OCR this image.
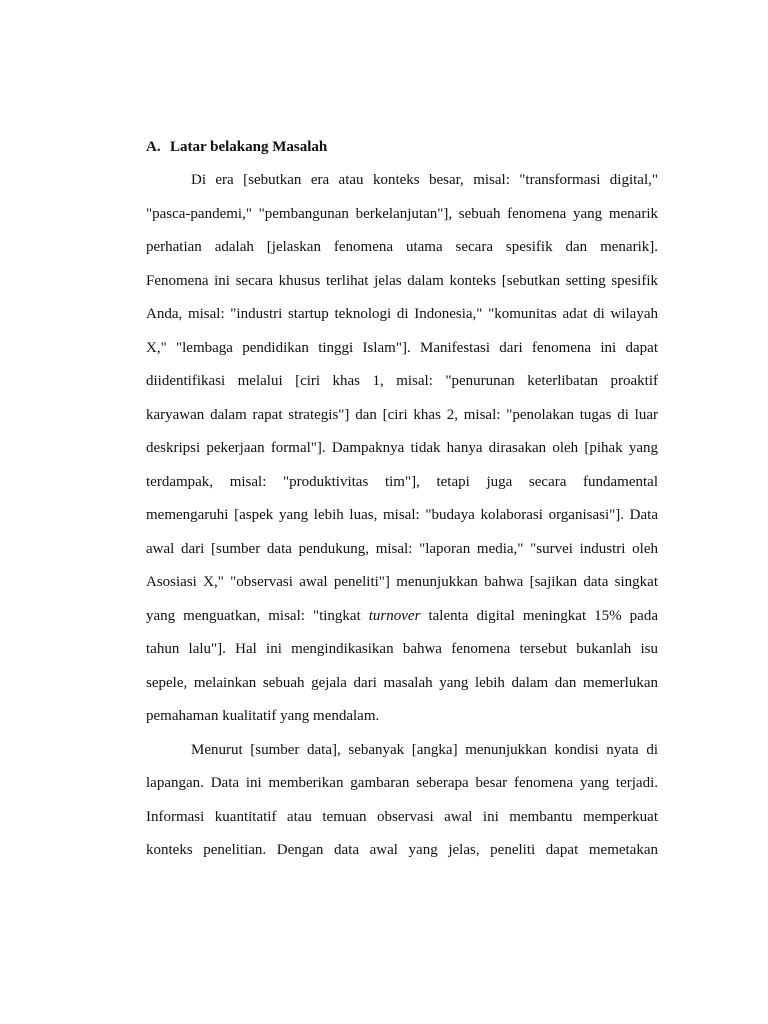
A. Latar belakang Masalah
Di era [sebutkan era atau konteks besar, misal: "transformasi digital,"
"pasca-pandemi," "pembangunan berkelanjutan"], sebuah fenomena yang menarik
perhatian adalah [jelaskan fenomena utama secara spesifik dan menarik].
Fenomena ini secara khusus terlihat jelas dalam konteks [sebutkan setting spesifik
Anda, misal: "industri startup teknologi di Indonesia," "komunitas adat di wilayah
X," "lembaga pendidikan tinggi Islam"]. Manifestasi dari fenomena ini dapat
diidentifikasi melalui [ciri khas 1, misal: "penurunan keterlibatan proaktif
karyawan dalam rapat strategis"] dan [ciri khas 2, misal: "penolakan tugas di luar
deskripsi pekerjaan formal"]. Dampaknya tidak hanya dirasakan oleh [pihak yang
terdampak, misal: "produktivitas tim"], tetapi juga secara fundamental
memengaruhi [aspek yang lebih luas, misal: "budaya kolaborasi organisasi"]. Data
awal dari [sumber data pendukung, misal: "laporan media," "survei industri oleh
Asosiasi X," "observasi awal peneliti"] menunjukkan bahwa [sajikan data singkat
yang menguatkan, misal: "tingkat turnover talenta digital meningkat 15% pada
tahun lalu"]. Hal ini mengindikasikan bahwa fenomena tersebut bukanlah isu
sepele, melainkan sebuah gejala dari masalah yang lebih dalam dan memerlukan
pemahaman kualitatif yang mendalam.
Menurut [sumber data], sebanyak [angka] menunjukkan kondisi nyata di
lapangan. Data ini memberikan gambaran seberapa besar fenomena yang terjadi.
Informasi kuantitatif atau temuan observasi awal ini membantu memperkuat
konteks penelitian. Dengan data awal yang jelas, peneliti dapat memetakan
